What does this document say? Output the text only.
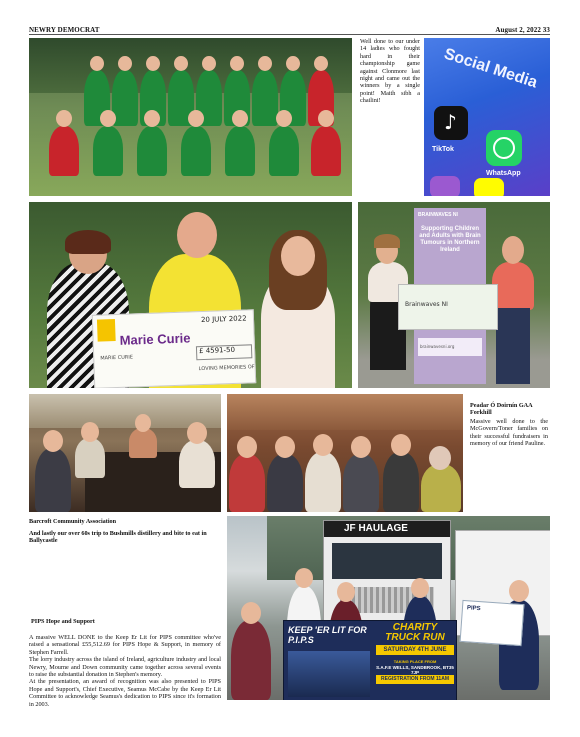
NEWRY DEMOCRAT	August 2, 2022 33
Well done to our under 14 ladies who fought hard in their championship game against Clonmore last night and came out the winners by a single point! Maith sibh a chailini!
Social Media
♪
TikTok
WhatsApp
Marie Curie
20 JULY 2022
MARIE CURIE
£ 4591-50
LOVING MEMORIES OF
BRAINWAVES NI
Supporting Children and Adults with Brain Tumours in Northern Ireland
brainwavesni.org
Brainwaves NI
Peadar Ó Doirnín GAA Forkhill
Massive well done to the McGovern/Toner families on their successful fundraisers in memory of our friend Pauline.
Barcroft Community Association
And lastly our over 60s trip to Bushmills distillery and bite to eat in Ballycastle
PIPS Hope and Support
A massive WELL DONE to the Keep Er Lit for PIPS committee who've raised a sensational £55,512.69 for PIPS Hope & Support, in memory of Stephen Farrell.
The lorry industry across the island of Ireland, agriculture industry and local Newry, Mourne and Down community came together across several events to raise the substantial donation in Stephen's memory.
At the presentation, an award of recognition was also presented to PIPS Hope and Support's, Chief Executive, Seamus McCabe by the Keep Er Lit Committee to acknowledge Seamus's dedication to PIPS since it's formation in 2003.
JF HAULAGE
KEEP 'ER LIT FOR P.I.P.S
CHARITY TRUCK RUN
SATURDAY 4TH JUNE
TAKING PLACE FROM
S.A.F.E WELLS, SANDBROOK, BT35 7JP
REGISTRATION FROM 11AM
PIPS
